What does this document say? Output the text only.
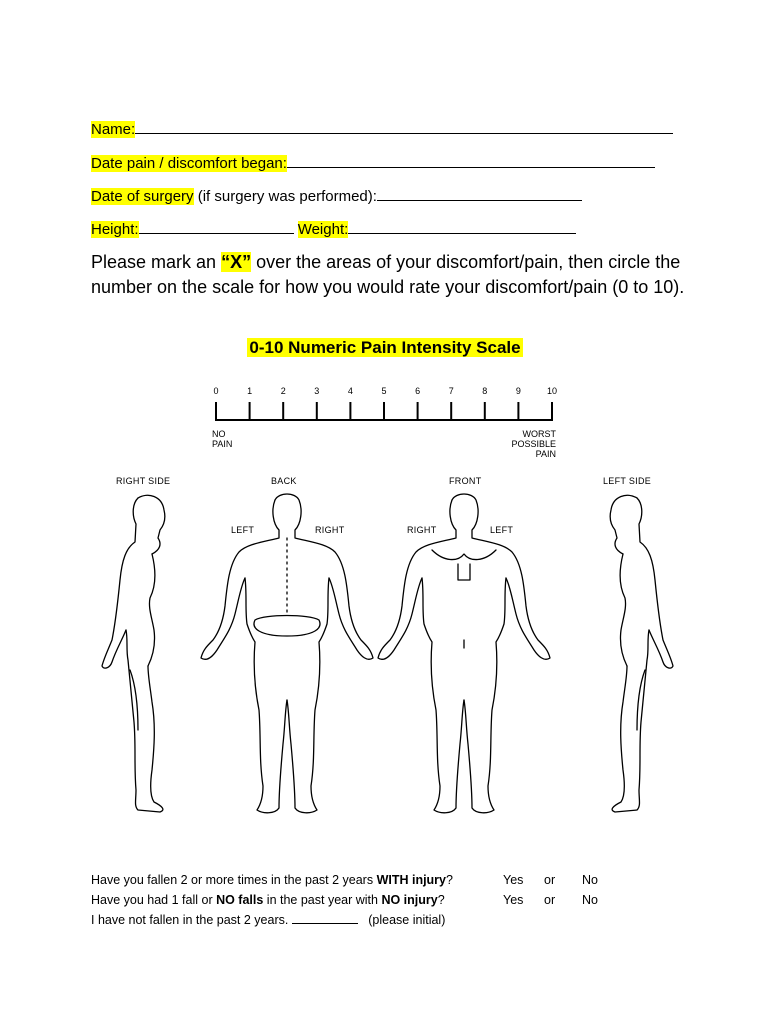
Name:
Date pain / discomfort began:
Date of surgery (if surgery was performed):
Height:	Weight:
Please mark an “X” over the areas of your discomfort/pain, then circle the number on the scale for how you would rate your discomfort/pain (0 to 10).
0-10 Numeric Pain Intensity Scale
0	1	2	3	4	5	6	7	8	9	10
NO
PAIN
WORST
POSSIBLE
PAIN
RIGHT SIDE	BACK	FRONT	LEFT SIDE
LEFT	RIGHT	RIGHT	LEFT
Have you fallen 2 or more times in the past 2 years WITH injury?	Yes or No
Have you had 1 fall or NO falls in the past year with NO injury?	Yes or No
I have not fallen in the past 2 years.	(please initial)
